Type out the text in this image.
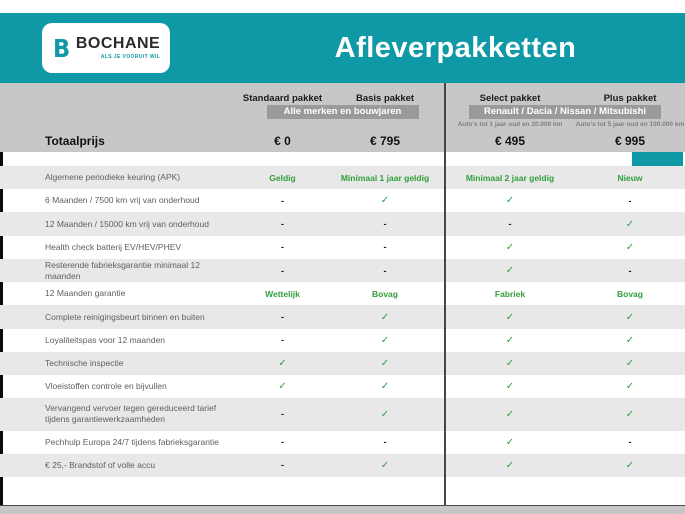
B BOCHANE
ALS JE VOORUIT WIL	Afleverpakketten
Standaard pakket	Basis pakket	Select pakket	Plus pakket
Alle merken en bouwjaren	Renault / Dacia / Nissan / Mitsubishi
Auto's tot 1 jaar oud en 20.000 km	Auto's tot 5 jaar oud en 100.000 km
Totaalprijs	€ 0	€ 795	€ 495	€ 995
Algemene periodieke keuring (APK)	Geldig	Minimaal 1 jaar geldig	Minimaal 2 jaar geldig	Nieuw
6 Maanden / 7500 km vrij van onderhoud	-	✓	✓	-
12 Maanden / 15000 km vrij van onderhoud	-	-	-	✓
Health check batterij EV/HEV/PHEV	-	-	✓	✓
Resterende fabrieksgarantie minimaal 12 maanden	-	-	✓	-
12 Maanden garantie	Wettelijk	Bovag	Fabriek	Bovag
Complete reinigingsbeurt binnen en buiten	-	✓	✓	✓
Loyaliteitspas voor 12 maanden	-	✓	✓	✓
Technische inspectie	✓	✓	✓	✓
Vloeistoffen controle en bijvullen	✓	✓	✓	✓
Vervangend vervoer tegen gereduceerd tarief tijdens garantiewerkzaamheden	-	✓	✓	✓
Pechhulp Europa 24/7 tijdens fabrieksgarantie	-	-	✓	-
€ 25,- Brandstof of volle accu	-	✓	✓	✓
